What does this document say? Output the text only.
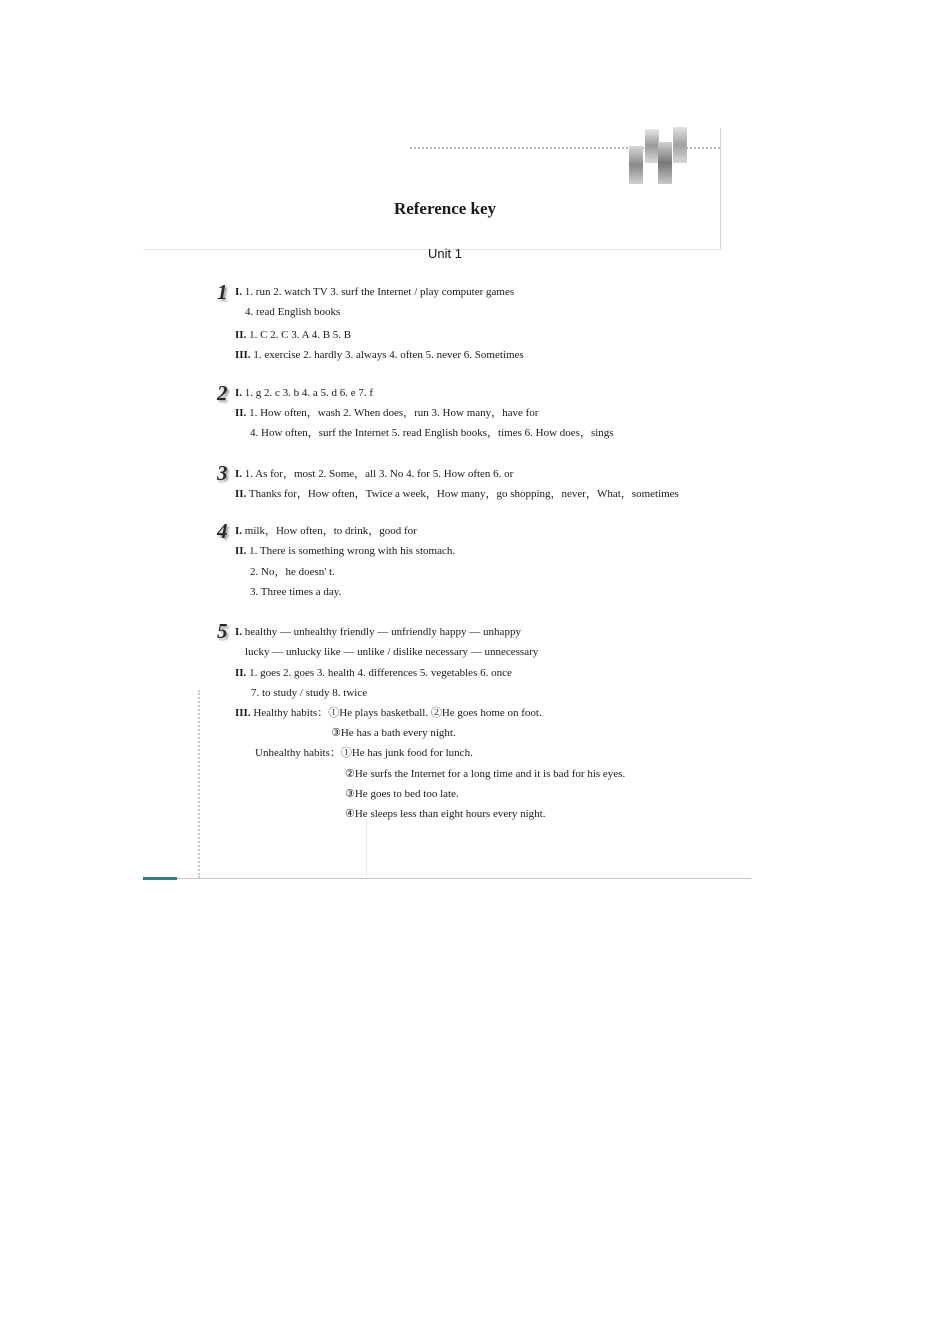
Reference key
Unit 1
1 I. 1. run 2. watch TV 3. surf the Internet / play computer games
4. read English books
II. 1. C 2. C 3. A 4. B 5. B
III. 1. exercise 2. hardly 3. always 4. often 5. never 6. Sometimes
2 I. 1. g 2. c 3. b 4. a 5. d 6. e 7. f
II. 1. How often，wash 2. When does，run 3. How many，have for
4. How often，surf the Internet 5. read English books，times 6. How does，sings
3 I. 1. As for，most 2. Some，all 3. No 4. for 5. How often 6. or
II. Thanks for，How often，Twice a week，How many，go shopping，never，What，sometimes
4 I. milk，How often，to drink，good for
II. 1. There is something wrong with his stomach.
2. No，he doesn' t.
3. Three times a day.
5 I. healthy — unhealthy friendly — unfriendly happy — unhappy
lucky — unlucky like — unlike / dislike necessary — unnecessary
II. 1. goes 2. goes 3. health 4. differences 5. vegetables 6. once
7. to study / study 8. twice
III. Healthy habits：①He plays basketball. ②He goes home on foot.
③He has a bath every night.
Unhealthy habits：①He has junk food for lunch.
②He surfs the Internet for a long time and it is bad for his eyes.
③He goes to bed too late.
④He sleeps less than eight hours every night.
